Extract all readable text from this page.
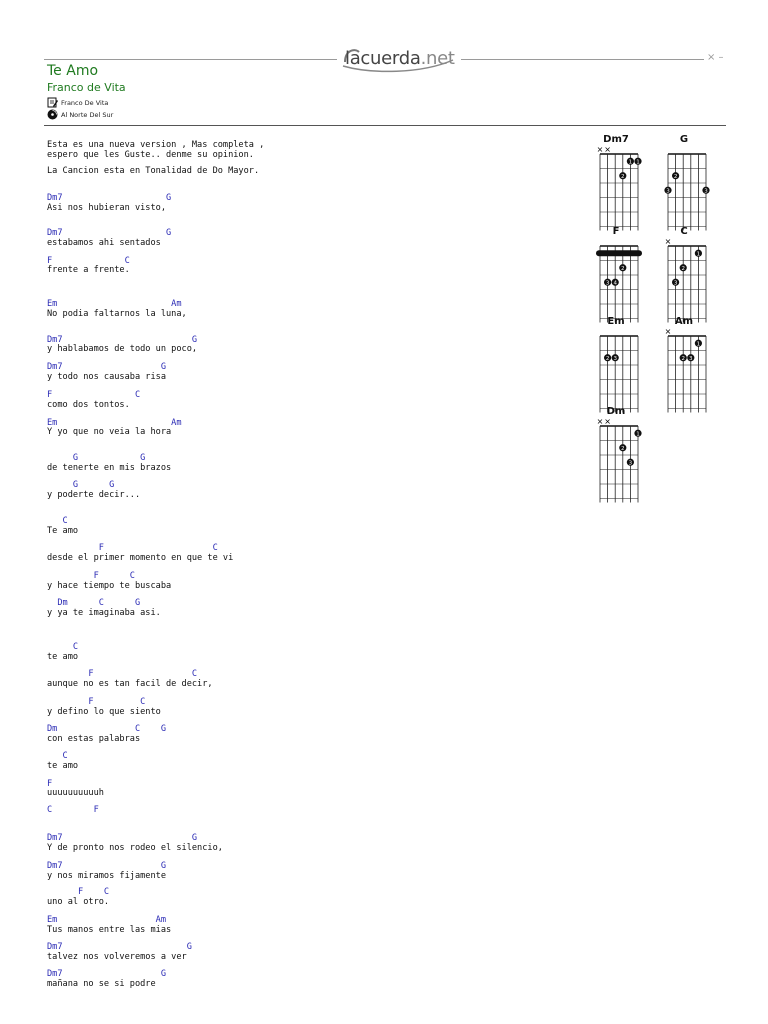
lacuerda.net	× –
Te Amo
Franco de Vita
Franco De Vita
Al Norte Del Sur
Esta es una nueva version , Mas completa ,
espero que les Guste.. denme su opinion.
La Cancion esta en Tonalidad de Do Mayor.
Dm7                    G
Asi nos hubieran visto,
Dm7                    G
estabamos ahi sentados
F              C
frente a frente.
Em                      Am
No podia faltarnos la luna,
Dm7                         G
y hablabamos de todo un poco,
Dm7                   G
y todo nos causaba risa
F                C
como dos tontos.
Em                      Am
Y yo que no veia la hora
G            G
de tenerte en mis brazos
G      G
y poderte decir...
C
Te amo
F                     C
desde el primer momento en que te vi
F      C
y hace tiempo te buscaba
Dm      C      G
y ya te imaginaba asi.
C
te amo
F                   C
aunque no es tan facil de decir,
F         C
y defino lo que siento
Dm               C    G
con estas palabras
C
te amo
F
uuuuuuuuuuh
C        F
Dm7                         G
Y de pronto nos rodeo el silencio,
Dm7                   G
y nos miramos fijamente
F    C
uno al otro.
Em                   Am
Tus manos entre las mias
Dm7                        G
talvez nos volveremos a ver
Dm7                   G
mañana no se si podre
Dm7
× ×
1 1
2
G
2
3	3
F
2
3 4
C
×
1
2
3
Em
2 3
Am
×
1
2 3
Dm
× ×
1
2
3
